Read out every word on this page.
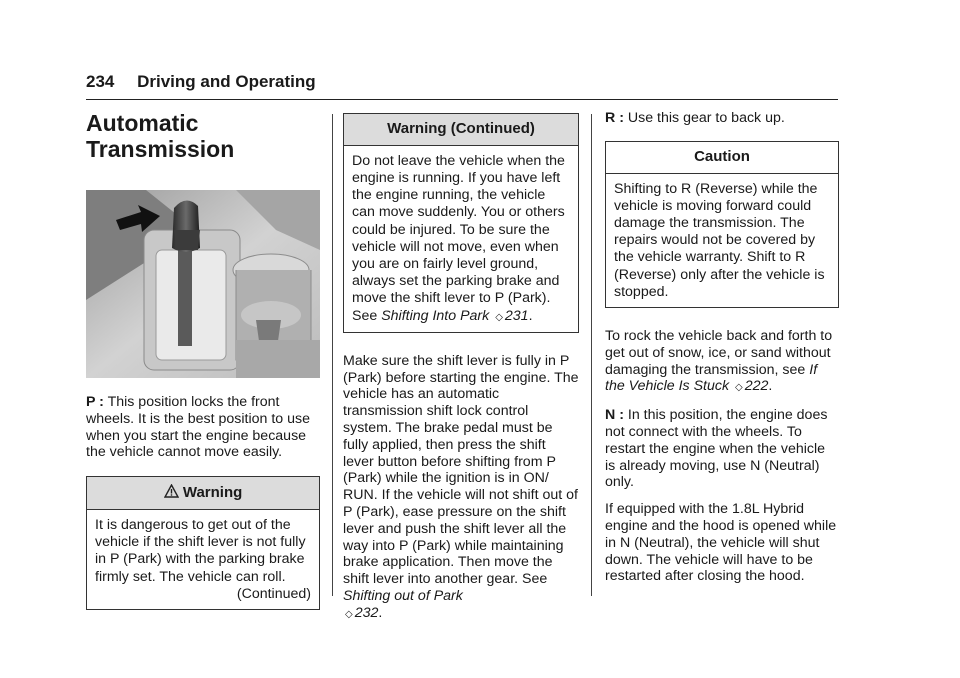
234 Driving and Operating
Automatic
Transmission

P : This position locks the front wheels. It is the best position to use when you start the engine because the vehicle cannot move easily.

Warning
It is dangerous to get out of the vehicle if the shift lever is not fully in P (Park) with the parking brake firmly set. The vehicle can roll.
(Continued)
Warning (Continued)
Do not leave the vehicle when the engine is running. If you have left the engine running, the vehicle can move suddenly. You or others could be injured. To be sure the vehicle will not move, even when you are on fairly level ground, always set the parking brake and move the shift lever to P (Park). See Shifting Into Park ◇ 231.

Make sure the shift lever is fully in P (Park) before starting the engine. The vehicle has an automatic transmission shift lock control system. The brake pedal must be fully applied, then press the shift lever button before shifting from P (Park) while the ignition is in ON/ RUN. If the vehicle will not shift out of P (Park), ease pressure on the shift lever and push the shift lever all the way into P (Park) while maintaining brake application. Then move the shift lever into another gear. See Shifting out of Park
◇ 232.

R : Use this gear to back up.

Caution
Shifting to R (Reverse) while the vehicle is moving forward could damage the transmission. The repairs would not be covered by the vehicle warranty. Shift to R (Reverse) only after the vehicle is stopped.

To rock the vehicle back and forth to get out of snow, ice, or sand without damaging the transmission, see If the Vehicle Is Stuck ◇ 222.

N : In this position, the engine does not connect with the wheels. To restart the engine when the vehicle is already moving, use N (Neutral) only.

If equipped with the 1.8L Hybrid engine and the hood is opened while in N (Neutral), the vehicle will shut down. The vehicle will have to be restarted after closing the hood.
